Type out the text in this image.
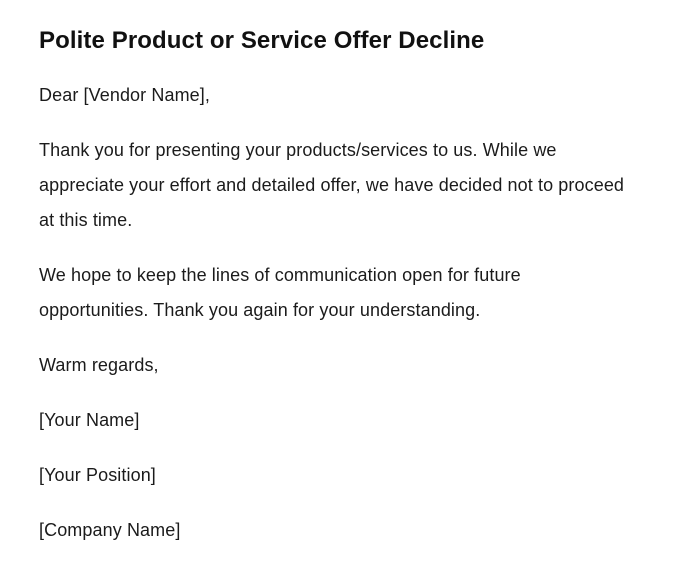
Polite Product or Service Offer Decline

Dear [Vendor Name],

Thank you for presenting your products/services to us. While we appreciate your effort and detailed offer, we have decided not to proceed at this time.

We hope to keep the lines of communication open for future opportunities. Thank you again for your understanding.

Warm regards,

[Your Name]

[Your Position]

[Company Name]
